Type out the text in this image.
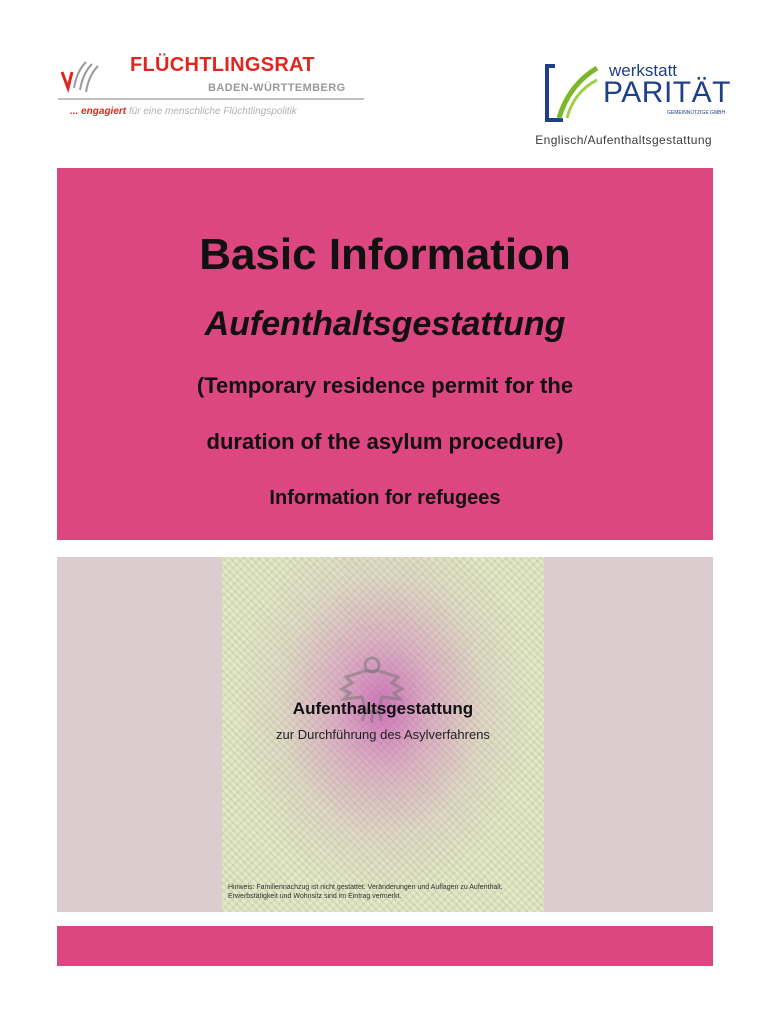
FLÜCHTLINGSRAT
BADEN-WÜRTTEMBERG
... engagiert für eine menschliche Flüchtlingspolitik
werkstatt
PARITÄT
GEMEINNÜTZIGE GMBH
Englisch/Aufenthaltsgestattung
Basic Information
Aufenthaltsgestattung
(Temporary residence permit for the
duration of the asylum procedure)
Information for refugees
Aufenthaltsgestattung
zur Durchführung des Asylverfahrens
Hinweis: Familiennachzug ist nicht gestattet. Veränderungen und Auflagen zu Aufenthalt, Erwerbstätigkeit und Wohnsitz sind im Eintrag vermerkt.
